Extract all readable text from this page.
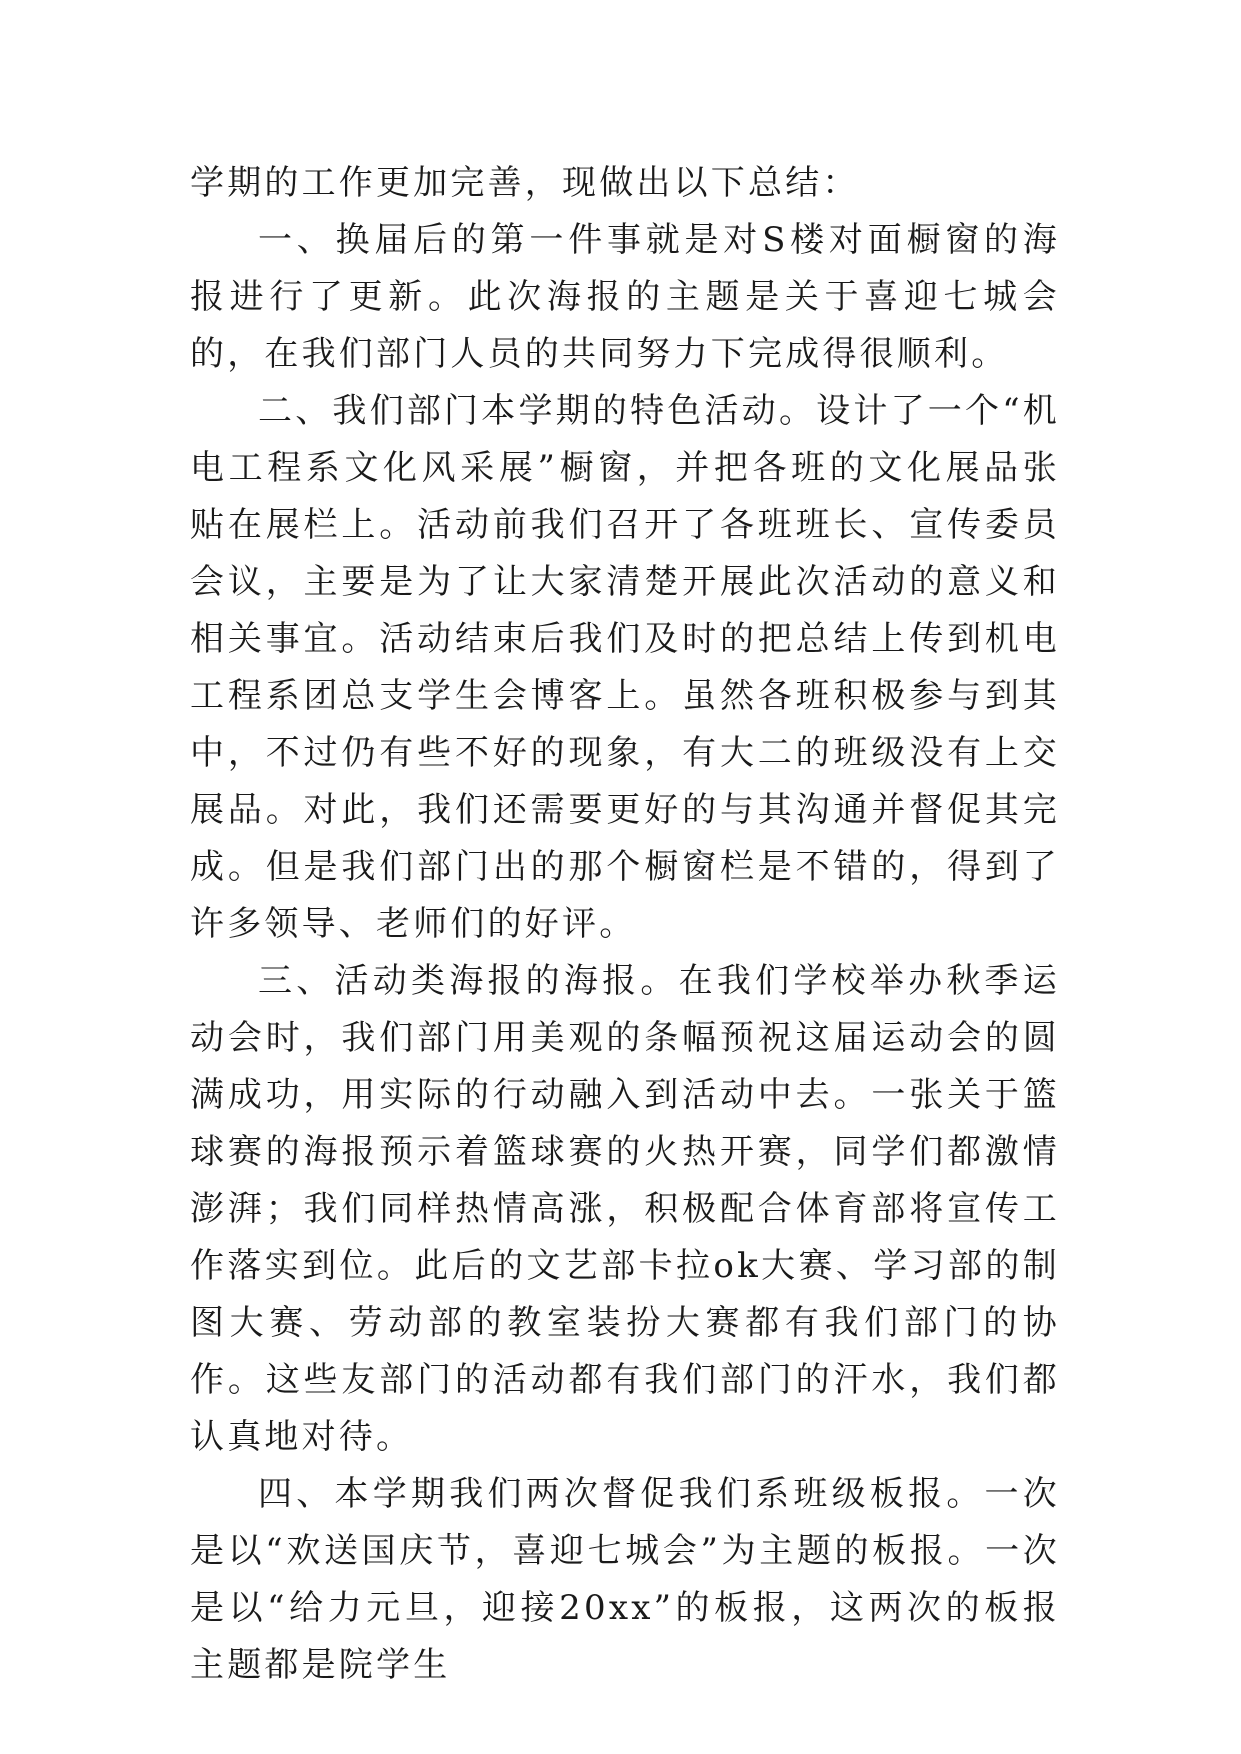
学期的工作更加完善，现做出以下总结：

一、换届后的第一件事就是对S楼对面橱窗的海报进行了更新。此次海报的主题是关于喜迎七城会的，在我们部门人员的共同努力下完成得很顺利。

二、我们部门本学期的特色活动。设计了一个“机电工程系文化风采展”橱窗，并把各班的文化展品张贴在展栏上。活动前我们召开了各班班长、宣传委员会议，主要是为了让大家清楚开展此次活动的意义和相关事宜。活动结束后我们及时的把总结上传到机电工程系团总支学生会博客上。虽然各班积极参与到其中，不过仍有些不好的现象，有大二的班级没有上交展品。对此，我们还需要更好的与其沟通并督促其完成。但是我们部门出的那个橱窗栏是不错的，得到了许多领导、老师们的好评。

三、活动类海报的海报。在我们学校举办秋季运动会时，我们部门用美观的条幅预祝这届运动会的圆满成功，用实际的行动融入到活动中去。一张关于篮球赛的海报预示着篮球赛的火热开赛，同学们都激情澎湃；我们同样热情高涨，积极配合体育部将宣传工作落实到位。此后的文艺部卡拉ok大赛、学习部的制图大赛、劳动部的教室装扮大赛都有我们部门的协作。这些友部门的活动都有我们部门的汗水，我们都认真地对待。

四、本学期我们两次督促我们系班级板报。一次是以“欢送国庆节，喜迎七城会”为主题的板报。一次是以“给力元旦，迎接20xx”的板报，这两次的板报主题都是院学生
